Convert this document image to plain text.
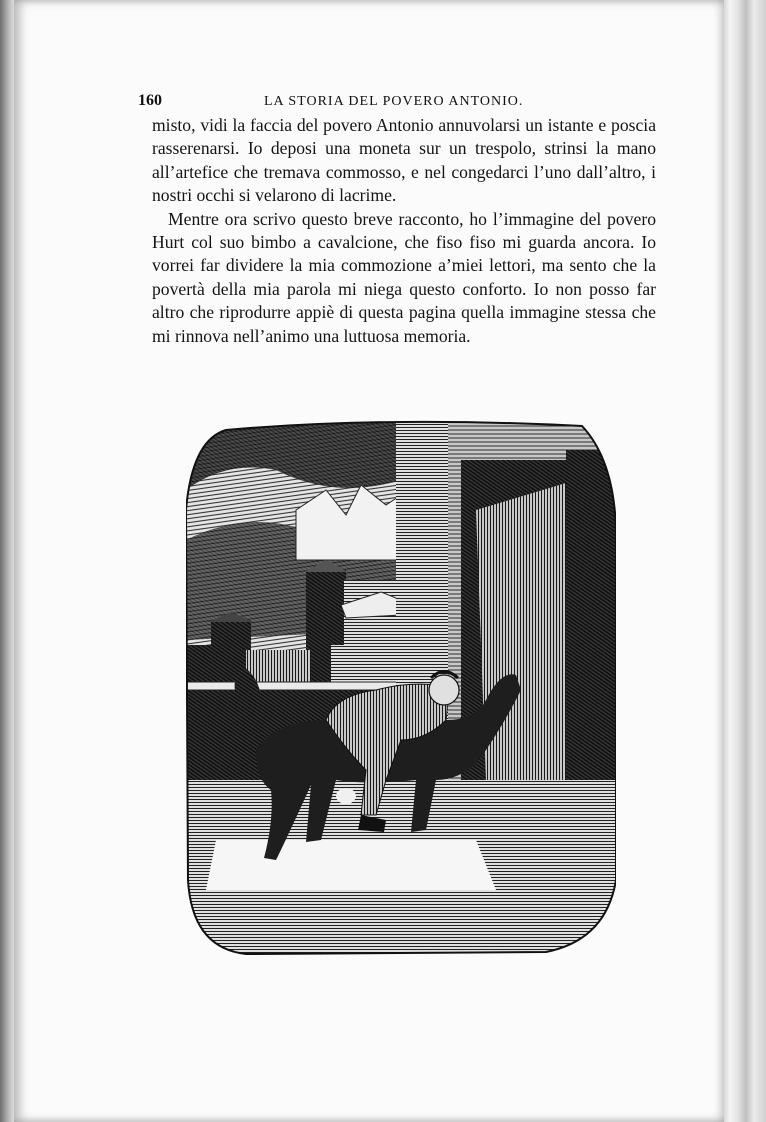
160	LA STORIA DEL POVERO ANTONIO.

misto, vidi la faccia del povero Antonio annuvolarsi un istante e poscia rasserenarsi. Io deposi una moneta sur un trespolo, strinsi la mano all’artefice che tremava commosso, e nel congedarci l’uno dall’altro, i nostri occhi si velarono di lacrime.

Mentre ora scrivo questo breve racconto, ho l’immagine del povero Hurt col suo bimbo a cavalcione, che fiso fiso mi guarda ancora. Io vorrei far dividere la mia commozione a’miei lettori, ma sento che la povertà della mia parola mi niega questo conforto. Io non posso far altro che riprodurre appiè di questa pagina quella immagine stessa che mi rinnova nell’animo una luttuosa memoria.
